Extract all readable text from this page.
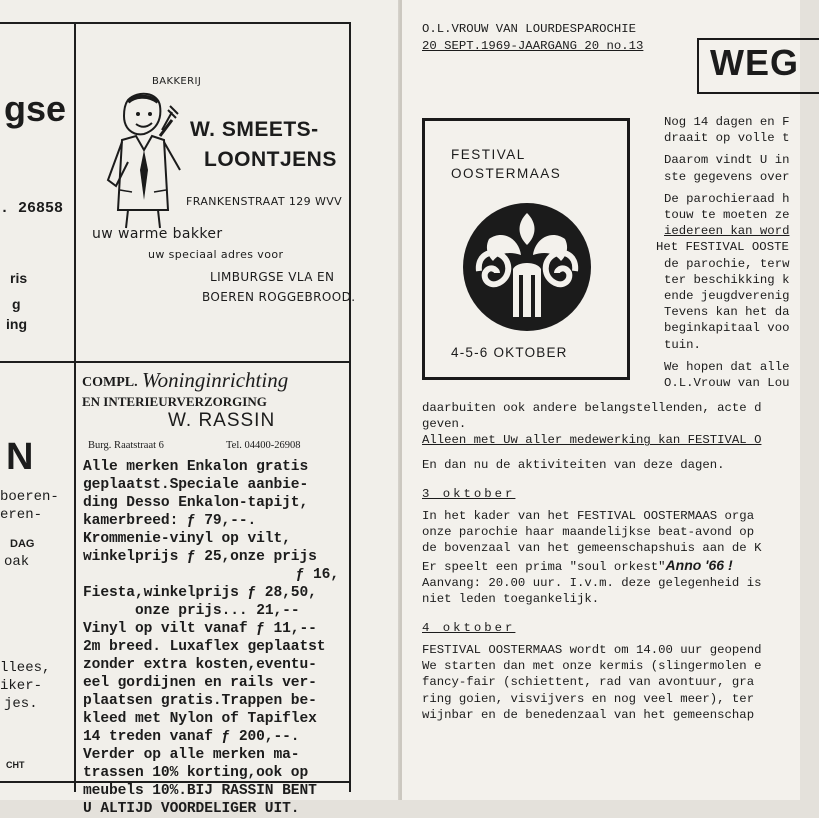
gse
. 26858
ris
g
ing
N
boeren-
eren-
DAG
oak
llees,
iker-
jes.
CHT
BAKKERIJ
W. SMEETS-
LOONTJENS
FRANKENSTRAAT 129 WVV
uw warme bakker
uw speciaal adres voor
LIMBURGSE VLA EN
BOEREN ROGGEBROOD.
COMPL. Woninginrichting
EN INTERIEURVERZORGING
W. RASSIN
Burg. Raatstraat 6	Tel. 04400-26908
Alle merken Enkalon gratis
geplaatst.Speciale aanbie-
ding Desso Enkalon-tapijt,
kamerbreed: ƒ 79,--.
Krommenie-vinyl op vilt,
winkelprijs ƒ 25,onze prijs
ƒ 16,
Fiesta,winkelprijs ƒ 28,50,
onze prijs... 21,--
Vinyl op vilt vanaf ƒ 11,--
2m breed. Luxaflex geplaatst
zonder extra kosten,eventu-
eel gordijnen en rails ver-
plaatsen gratis.Trappen be-
kleed met Nylon of Tapiflex
14 treden vanaf ƒ 200,--.
Verder op alle merken ma-
trassen 10% korting,ook op
meubels 10%.BIJ RASSIN BENT
U ALTIJD VOORDELIGER UIT.
O.L.VROUW VAN LOURDESPAROCHIE
20 SEPT.1969-JAARGANG 20 no.13 WEG
FESTIVAL
OOSTERMAAS
4-5-6 OKTOBER
Nog 14 dagen en F
draait op volle t
Daarom vindt U in
ste gegevens over
De parochieraad h
touw te moeten ze
iedereen kan word
Het FESTIVAL OOSTE
de parochie, terw
ter beschikking k
ende jeugdverenig
Tevens kan het da
beginkapitaal voo
tuin.
We hopen dat alle
O.L.Vrouw van Lou
daarbuiten ook andere belangstellenden, acte d
geven.
Alleen met Uw aller medewerking kan FESTIVAL O
En dan nu de aktiviteiten van deze dagen.
3 oktober
In het kader van het FESTIVAL OOSTERMAAS orga
onze parochie haar maandelijkse beat-avond op
de bovenzaal van het gemeenschapshuis aan de K
Er speelt een prima "soul orkest"Anno '66 !
Aanvang: 20.00 uur. I.v.m. deze gelegenheid is
niet leden toegankelijk.
4 oktober
FESTIVAL OOSTERMAAS wordt om 14.00 uur geopend
We starten dan met onze kermis (slingermolen e
fancy-fair (schiettent, rad van avontuur, gra
ring goien, visvijvers en nog veel meer), ter
wijnbar en de benedenzaal van het gemeenschap
